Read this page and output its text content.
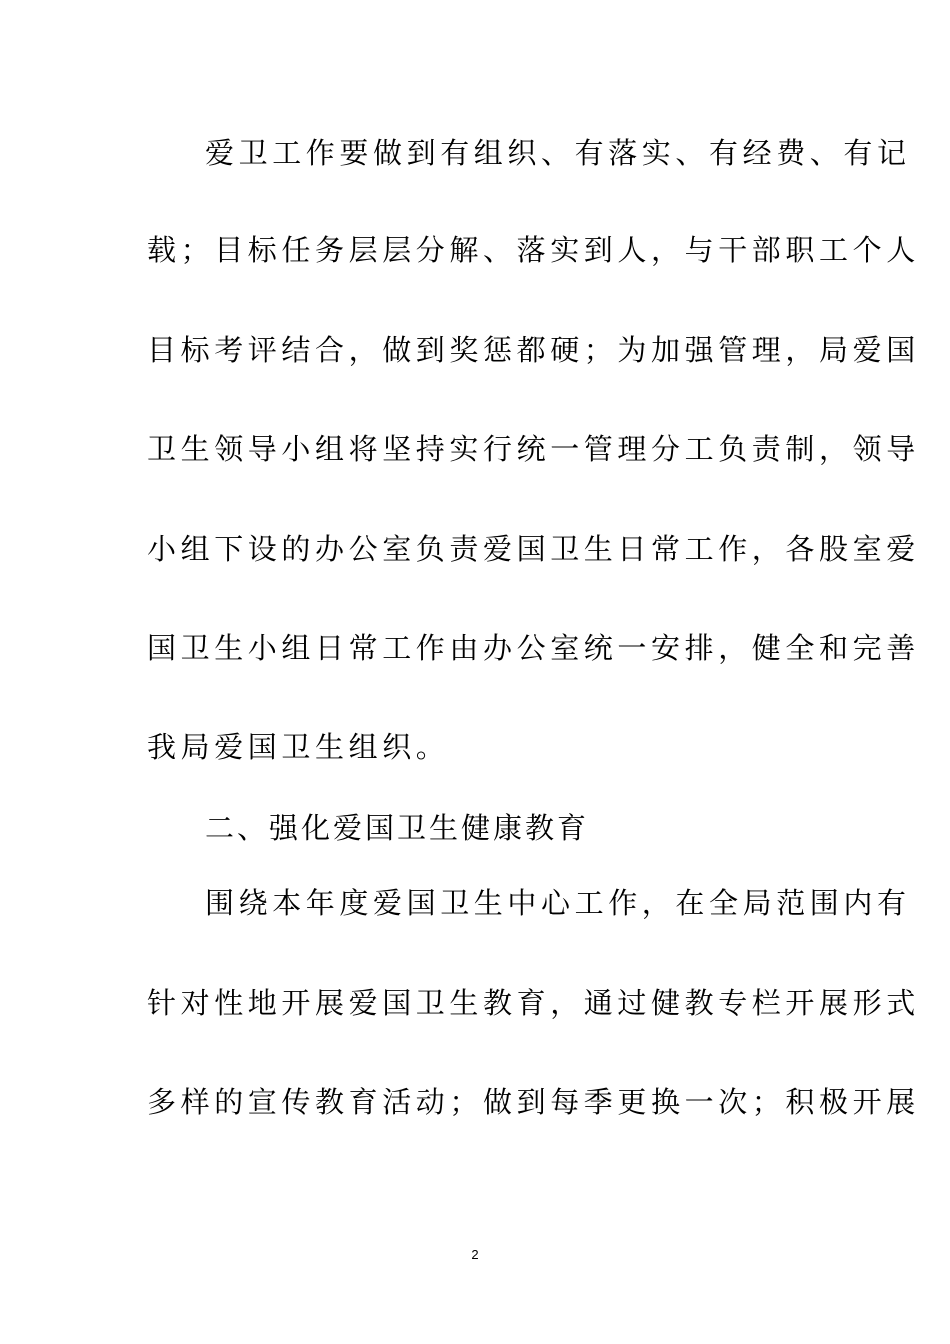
爱卫工作要做到有组织、有落实、有经费、有记
载；目标任务层层分解、落实到人，与干部职工个人
目标考评结合，做到奖惩都硬；为加强管理，局爱国
卫生领导小组将坚持实行统一管理分工负责制，领导
小组下设的办公室负责爱国卫生日常工作，各股室爱
国卫生小组日常工作由办公室统一安排，健全和完善
我局爱国卫生组织。
二、强化爱国卫生健康教育
围绕本年度爱国卫生中心工作，在全局范围内有
针对性地开展爱国卫生教育，通过健教专栏开展形式
多样的宣传教育活动；做到每季更换一次；积极开展
2
